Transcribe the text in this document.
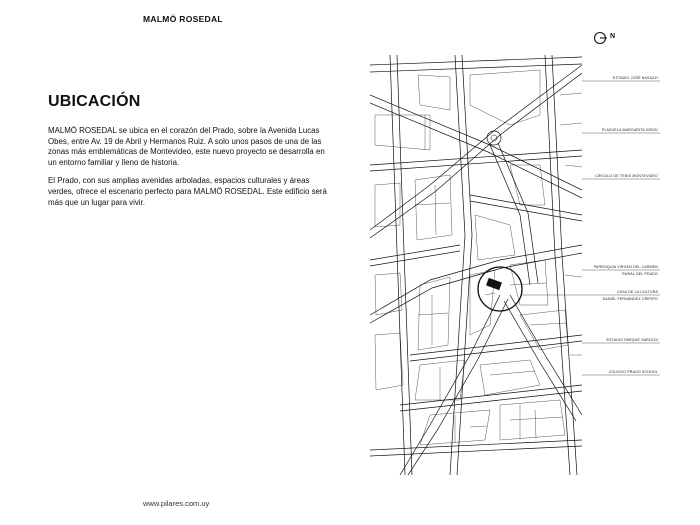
MALMÖ ROSEDAL
UBICACIÓN

MALMÖ ROSEDAL se ubica en el corazón del Prado, sobre la Avenida Lucas Obes, entre Av. 19 de Abril y Hermanos Ruiz. A solo unos pasos de una de las zonas más emblemáticas de Montevideo, este nuevo proyecto se desarrolla en un entorno familiar y lleno de historia.

El Prado, con sus amplias avenidas arboladas, espacios culturales y áreas verdes, ofrece el escenario perfecto para MALMÖ ROSEDAL. Este edificio será más que un lugar para vivir.

N
ESTADIO JOSÉ NASAZZI
PLAZUELA MARGARITA XIRGÚ
CÍRCULO DE TENIS MONTEVIDEO
PARROQUIA VIRGEN DEL CARMEN
RURAL DEL PRADO
CASA DE LA CULTURA
DANIEL FERNÁNDEZ CRESPO
ESTADIO PARQUE SAROLDI
COLEGIO PRADO SCHOOL
www.pilares.com.uy
